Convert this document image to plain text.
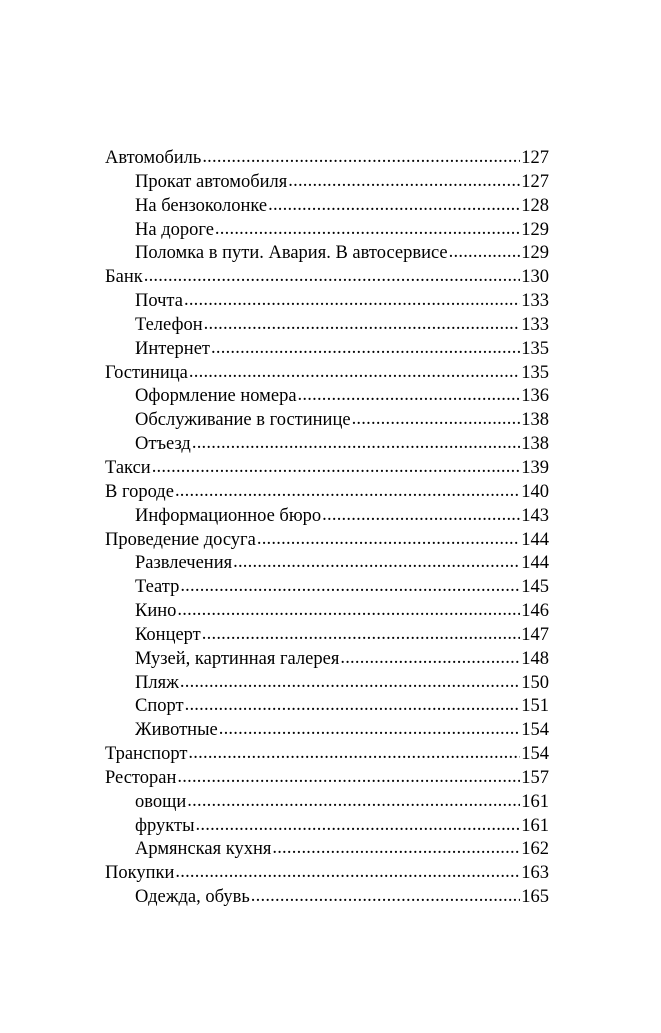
Автомобиль . . .	127
Прокат автомобиля . . .	127
На бензоколонке . . .	128
На дороге . . .	129
Поломка в пути. Авария. В автосервисе . . .	129
Банк . . .	130
Почта . . .	133
Телефон . . .	133
Интернет . . .	135
Гостиница . . .	135
Оформление номера . . .	136
Обслуживание в гостинице . . .	138
Отъезд . . .	138
Такси . . .	139
В городе . . .	140
Информационное бюро . . .	143
Проведение досуга . . .	144
Развлечения . . .	144
Театр . . .	145
Кино . . .	146
Концерт . . .	147
Музей, картинная галерея . . .	148
Пляж . . .	150
Спорт . . .	151
Животные . . .	154
Транспорт . . .	154
Ресторан . . .	157
овощи . . .	161
фрукты . . .	161
Армянская кухня . . .	162
Покупки . . .	163
Одежда, обувь . . .	165
